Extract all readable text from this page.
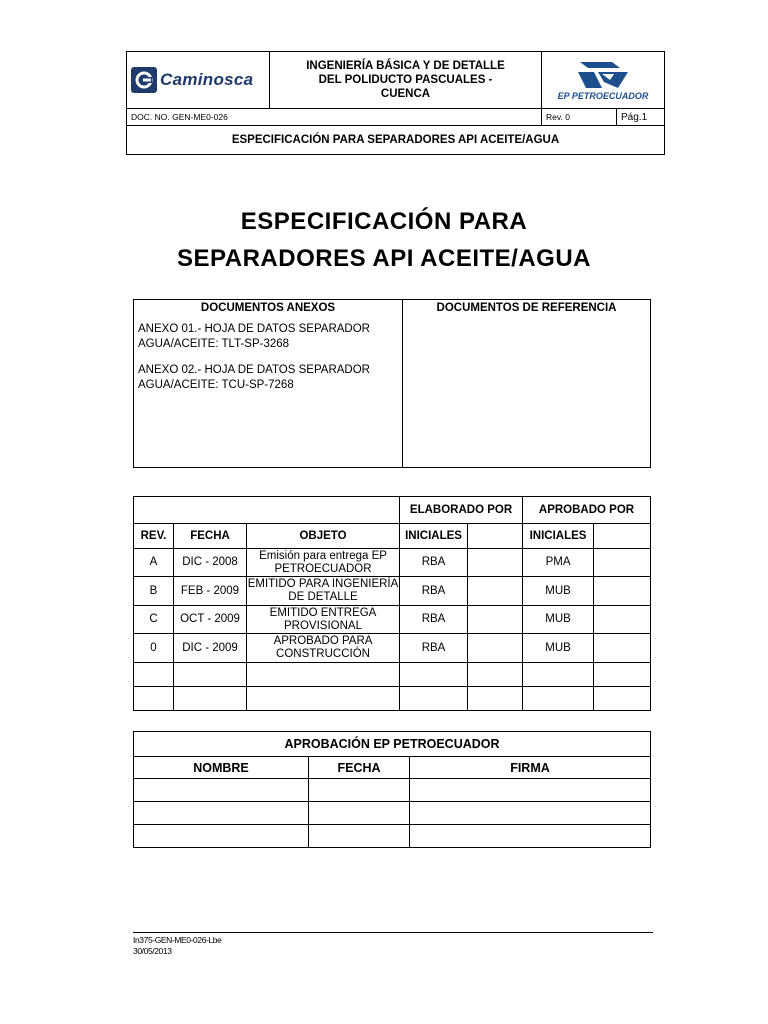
Caminosca	INGENIERÍA BÁSICA Y DE DETALLE DEL POLIDUCTO PASCUALES - CUENCA	EP PETROECUADOR	

DOC. NO. GEN-ME0-026		Rev. 0	Pág.1
ESPECIFICACIÓN PARA SEPARADORES API ACEITE/AGUA			
ESPECIFICACIÓN PARA
SEPARADORES API ACEITE/AGUA
DOCUMENTOS ANEXOS

ANEXO 01.- HOJA DE DATOS SEPARADOR AGUA/ACEITE: TLT-SP-3268

ANEXO 02.- HOJA DE DATOS SEPARADOR AGUA/ACEITE: TCU-SP-7268

DOCUMENTOS DE REFERENCIA
			ELABORADO POR		APROBADO POR	
REV.	FECHA	OBJETO	INICIALES		INICIALES	
A	DIC - 2008	Emisión para entrega EP PETROECUADOR	RBA		PMA	
B	FEB - 2009	EMITIDO PARA INGENIERÍA DE DETALLE	RBA		MUB	
C	OCT - 2009	EMITIDO ENTREGA PROVISIONAL	RBA		MUB	
0	DIC - 2009	APROBADO PARA CONSTRUCCIÓN	RBA		MUB	

APROBACIÓN EP PETROECUADOR		
NOMBRE	FECHA	FIRMA

In375-GEN-ME0-026-Lbe
30/05/2013
